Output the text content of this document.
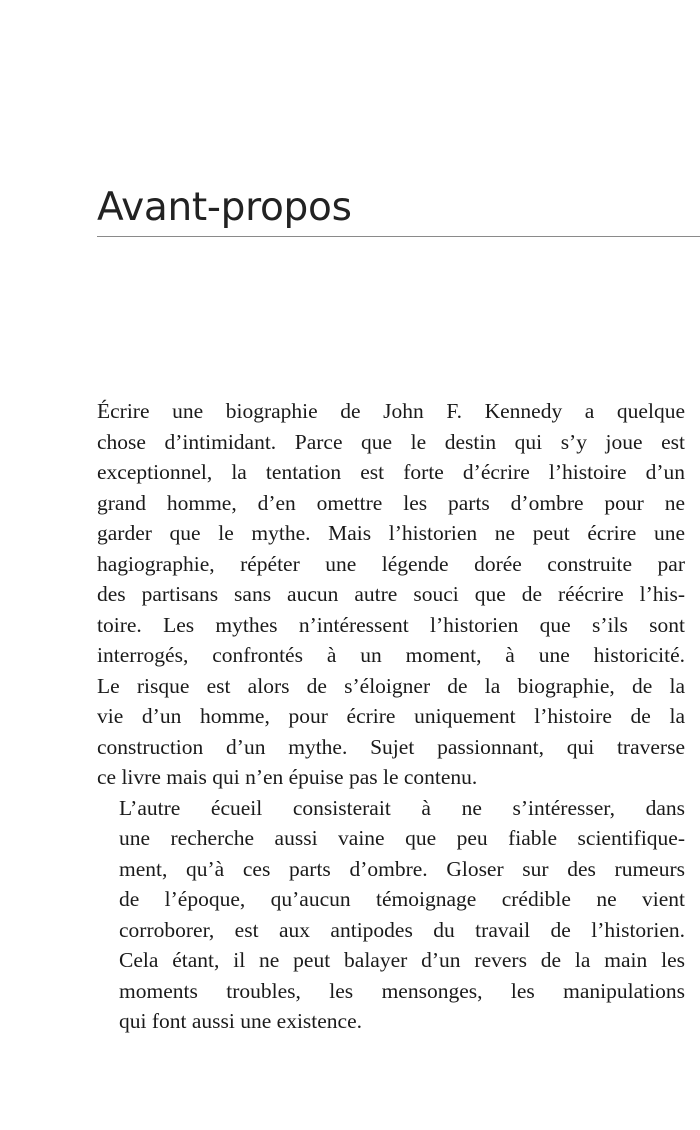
Avant-propos

Écrire une biographie de John F. Kennedy a quelque
chose d’intimidant. Parce que le destin qui s’y joue est
exceptionnel, la tentation est forte d’écrire l’histoire d’un
grand homme, d’en omettre les parts d’ombre pour ne
garder que le mythe. Mais l’historien ne peut écrire une
hagiographie, répéter une légende dorée construite par
des partisans sans aucun autre souci que de réécrire l’his-
toire. Les mythes n’intéressent l’historien que s’ils sont
interrogés, confrontés à un moment, à une historicité.
Le risque est alors de s’éloigner de la biographie, de la
vie d’un homme, pour écrire uniquement l’histoire de la
construction d’un mythe. Sujet passionnant, qui traverse
ce livre mais qui n’en épuise pas le contenu.

L’autre écueil consisterait à ne s’intéresser, dans
une recherche aussi vaine que peu fiable scientifique-
ment, qu’à ces parts d’ombre. Gloser sur des rumeurs
de l’époque, qu’aucun témoignage crédible ne vient
corroborer, est aux antipodes du travail de l’historien.
Cela étant, il ne peut balayer d’un revers de la main les
moments troubles, les mensonges, les manipulations
qui font aussi une existence.
